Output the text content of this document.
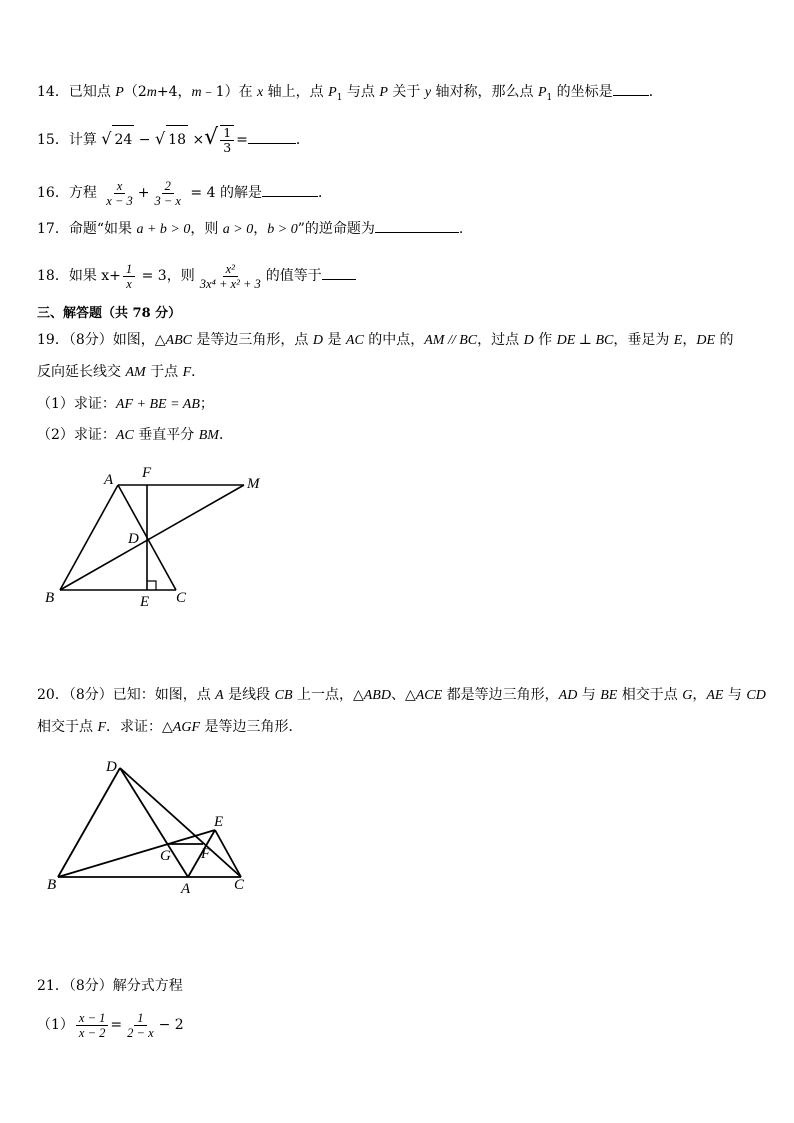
14．已知点 P（2m+4，m﹣1）在 x 轴上，点 $P_1$ 与点 P 关于 y 轴对称，那么点 $P_1$ 的坐标是	．
15．计算 √ 24 − √ 18 ×√ $\frac{1}{3}$ =	．
16．方程 $\frac{x}{x - 3} + \frac{2}{3 - x} = 4$ 的解是	．
17．命题“如果 a + b > 0，则 a > 0，b > 0”的逆命题为	.
18．如果 $x+ \frac{1}{x} = 3$，则 $\frac{\text{x²}}{\text{3x⁴ + x² + 3}}$ 的值等于
三、解答题（共 78 分）
19．（8分）如图，△ABC 是等边三角形，点 D 是 AC 的中点，AM // BC，过点 D 作 DE ⊥ BC，垂足为 E，DE 的
反向延长线交 AM 于点 F．
（1）求证：AF + BE = AB；
（2）求证：AC 垂直平分 BM．
A F
M
D
B	E C
20．（8分）已知：如图，点 A 是线段 CB 上一点，△ABD、△ACE 都是等边三角形，AD 与 BE 相交于点 G，AE 与 CD
相交于点 F．求证：△AGF 是等边三角形．
D
E
G F
B	A	C
21．（8分）解分式方程
$(1) \frac{x - 1}{x - 2} = \frac{1}{2 - x} - 2$
